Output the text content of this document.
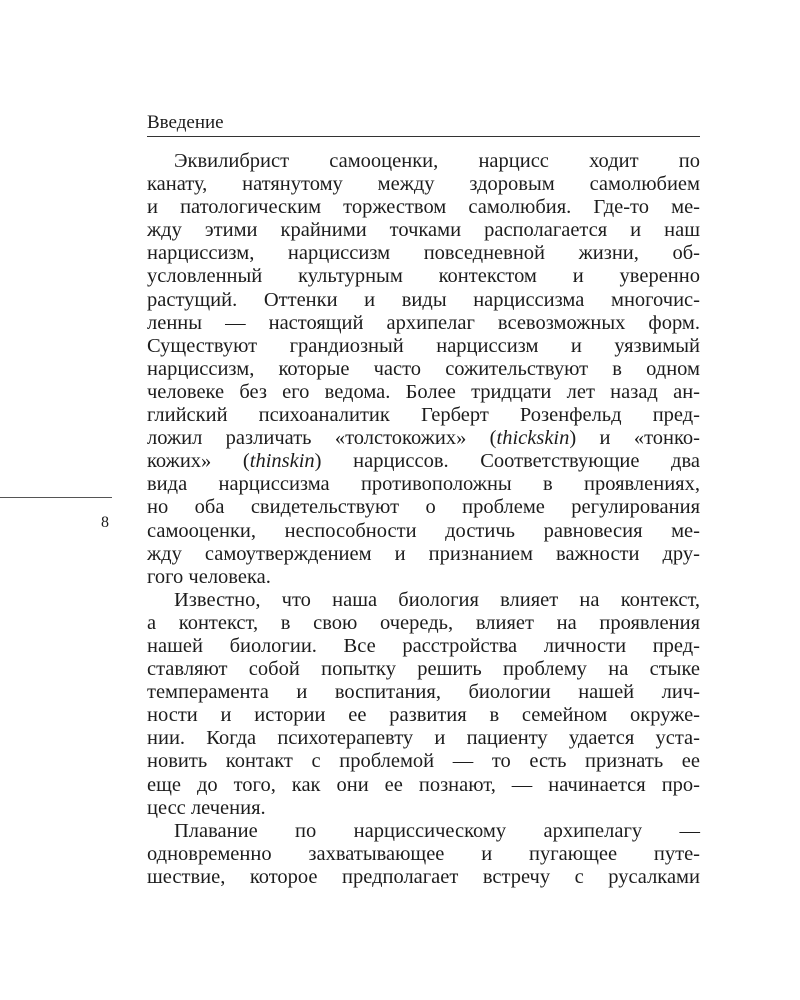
Введение
8
Эквилибрист самооценки, нарцисс ходит по
канату, натянутому между здоровым самолюбием
и патологическим торжеством самолюбия. Где-то ме-
жду этими крайними точками располагается и наш
нарциссизм, нарциссизм повседневной жизни, об-
условленный культурным контекстом и уверенно
растущий. Оттенки и виды нарциссизма многочис-
ленны — настоящий архипелаг всевозможных форм.
Существуют грандиозный нарциссизм и уязвимый
нарциссизм, которые часто сожительствуют в одном
человеке без его ведома. Более тридцати лет назад ан-
глийский психоаналитик Герберт Розенфельд пред-
ложил различать «толстокожих» (thickskin) и «тонко-
кожих» (thinskin) нарциссов. Соответствующие два
вида нарциссизма противоположны в проявлениях,
но оба свидетельствуют о проблеме регулирования
самооценки, неспособности достичь равновесия ме-
жду самоутверждением и признанием важности дру-
гого человека.
Известно, что наша биология влияет на контекст,
а контекст, в свою очередь, влияет на проявления
нашей биологии. Все расстройства личности пред-
ставляют собой попытку решить проблему на стыке
темперамента и воспитания, биологии нашей лич-
ности и истории ее развития в семейном окруже-
нии. Когда психотерапевту и пациенту удается уста-
новить контакт с проблемой — то есть признать ее
еще до того, как они ее познают, — начинается про-
цесс лечения.
Плавание по нарциссическому архипелагу —
одновременно захватывающее и пугающее путе-
шествие, которое предполагает встречу с русалками
